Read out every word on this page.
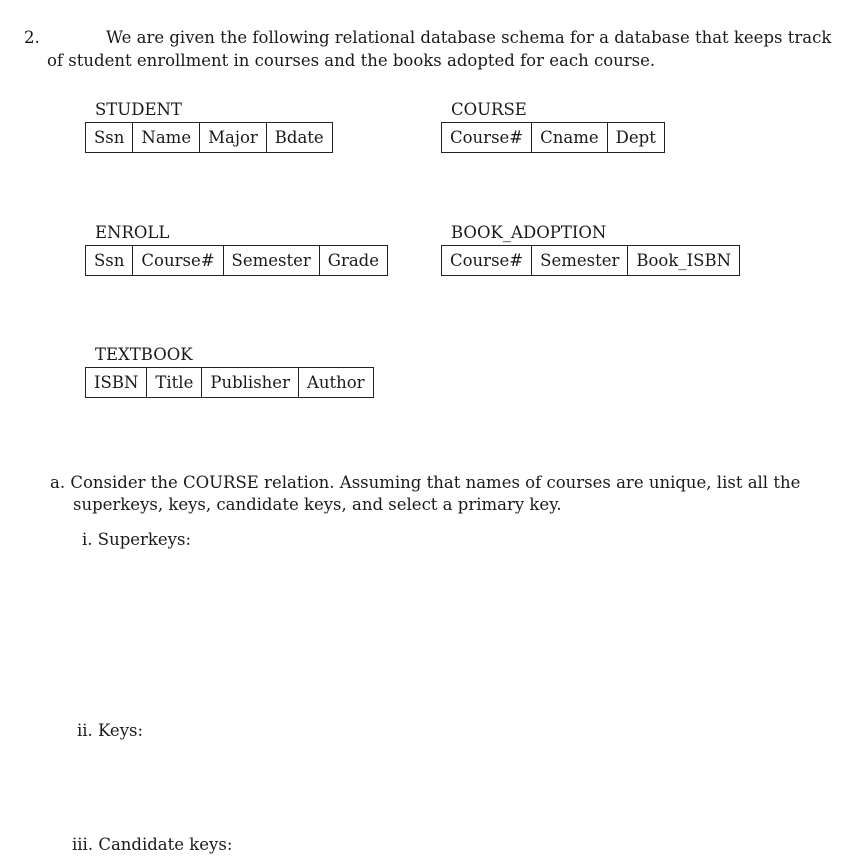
2.	We are given the following relational database schema for a database that keeps track
of student enrollment in courses and the books adopted for each course.
STUDENT
Ssn	Name	Major	Bdate
COURSE
Course#	Cname	Dept
ENROLL
Ssn	Course#	Semester	Grade
BOOK_ADOPTION
Course#	Semester	Book_ISBN
TEXTBOOK
ISBN	Title	Publisher	Author
a. Consider the COURSE relation. Assuming that names of courses are unique, list all the
superkeys, keys, candidate keys, and select a primary key.
i. Superkeys:
ii. Keys:
iii. Candidate keys:
